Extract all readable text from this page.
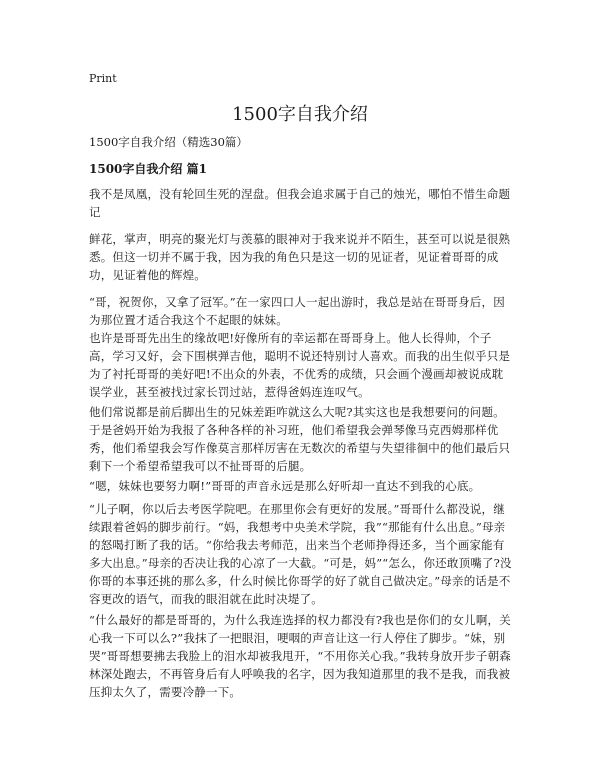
Print
1500字自我介绍
1500字自我介绍（精选30篇）
1500字自我介绍 篇1

我不是凤凰，没有轮回生死的涅盘。但我会追求属于自己的烛光，哪怕不惜生命题记

鲜花，掌声，明亮的聚光灯与羡慕的眼神对于我来说并不陌生，甚至可以说是很熟悉。但这一切并不属于我，因为我的角色只是这一切的见证者，见证着哥哥的成功，见证着他的辉煌。

“哥，祝贺你，又拿了冠军。”在一家四口人一起出游时，我总是站在哥哥身后，因为那位置才适合我这个不起眼的妹妹。

也许是哥哥先出生的缘故吧!好像所有的幸运都在哥哥身上。他人长得帅，个子高，学习又好，会下围棋弹吉他，聪明不说还特别讨人喜欢。而我的出生似乎只是为了衬托哥哥的美好吧!不出众的外表，不优秀的成绩，只会画个漫画却被说成耽误学业，甚至被找过家长罚过站，惹得爸妈连连叹气。

他们常说都是前后脚出生的兄妹差距咋就这么大呢?其实这也是我想要问的问题。于是爸妈开始为我报了各种各样的补习班，他们希望我会弹琴像马克西姆那样优秀，他们希望我会写作像莫言那样厉害在无数次的希望与失望徘徊中的他们最后只剩下一个希望希望我可以不扯哥哥的后腿。

“嗯，妹妹也要努力啊!”哥哥的声音永远是那么好听却一直达不到我的心底。

“儿子啊，你以后去考医学院吧。在那里你会有更好的发展。”哥哥什么都没说，继续跟着爸妈的脚步前行。“妈，我想考中央美术学院，我”“那能有什么出息。”母亲的怒喝打断了我的话。“你给我去考师范，出来当个老师挣得还多，当个画家能有多大出息。”母亲的否决让我的心凉了一大截。“可是，妈”“怎么，你还敢顶嘴了?没你哥的本事还挑的那么多，什么时候比你哥学的好了就自己做决定。”母亲的话是不容更改的语气，而我的眼泪就在此时决堤了。

“什么最好的都是哥哥的，为什么我连选择的权力都没有?我也是你们的女儿啊，关心我一下可以么?”我抹了一把眼泪，哽咽的声音让这一行人停住了脚步。“妹，别哭”哥哥想要拂去我脸上的泪水却被我甩开，“不用你关心我。”我转身放开步子朝森林深处跑去，不再管身后有人呼唤我的名字，因为我知道那里的我不是我，而我被压抑太久了，需要冷静一下。
